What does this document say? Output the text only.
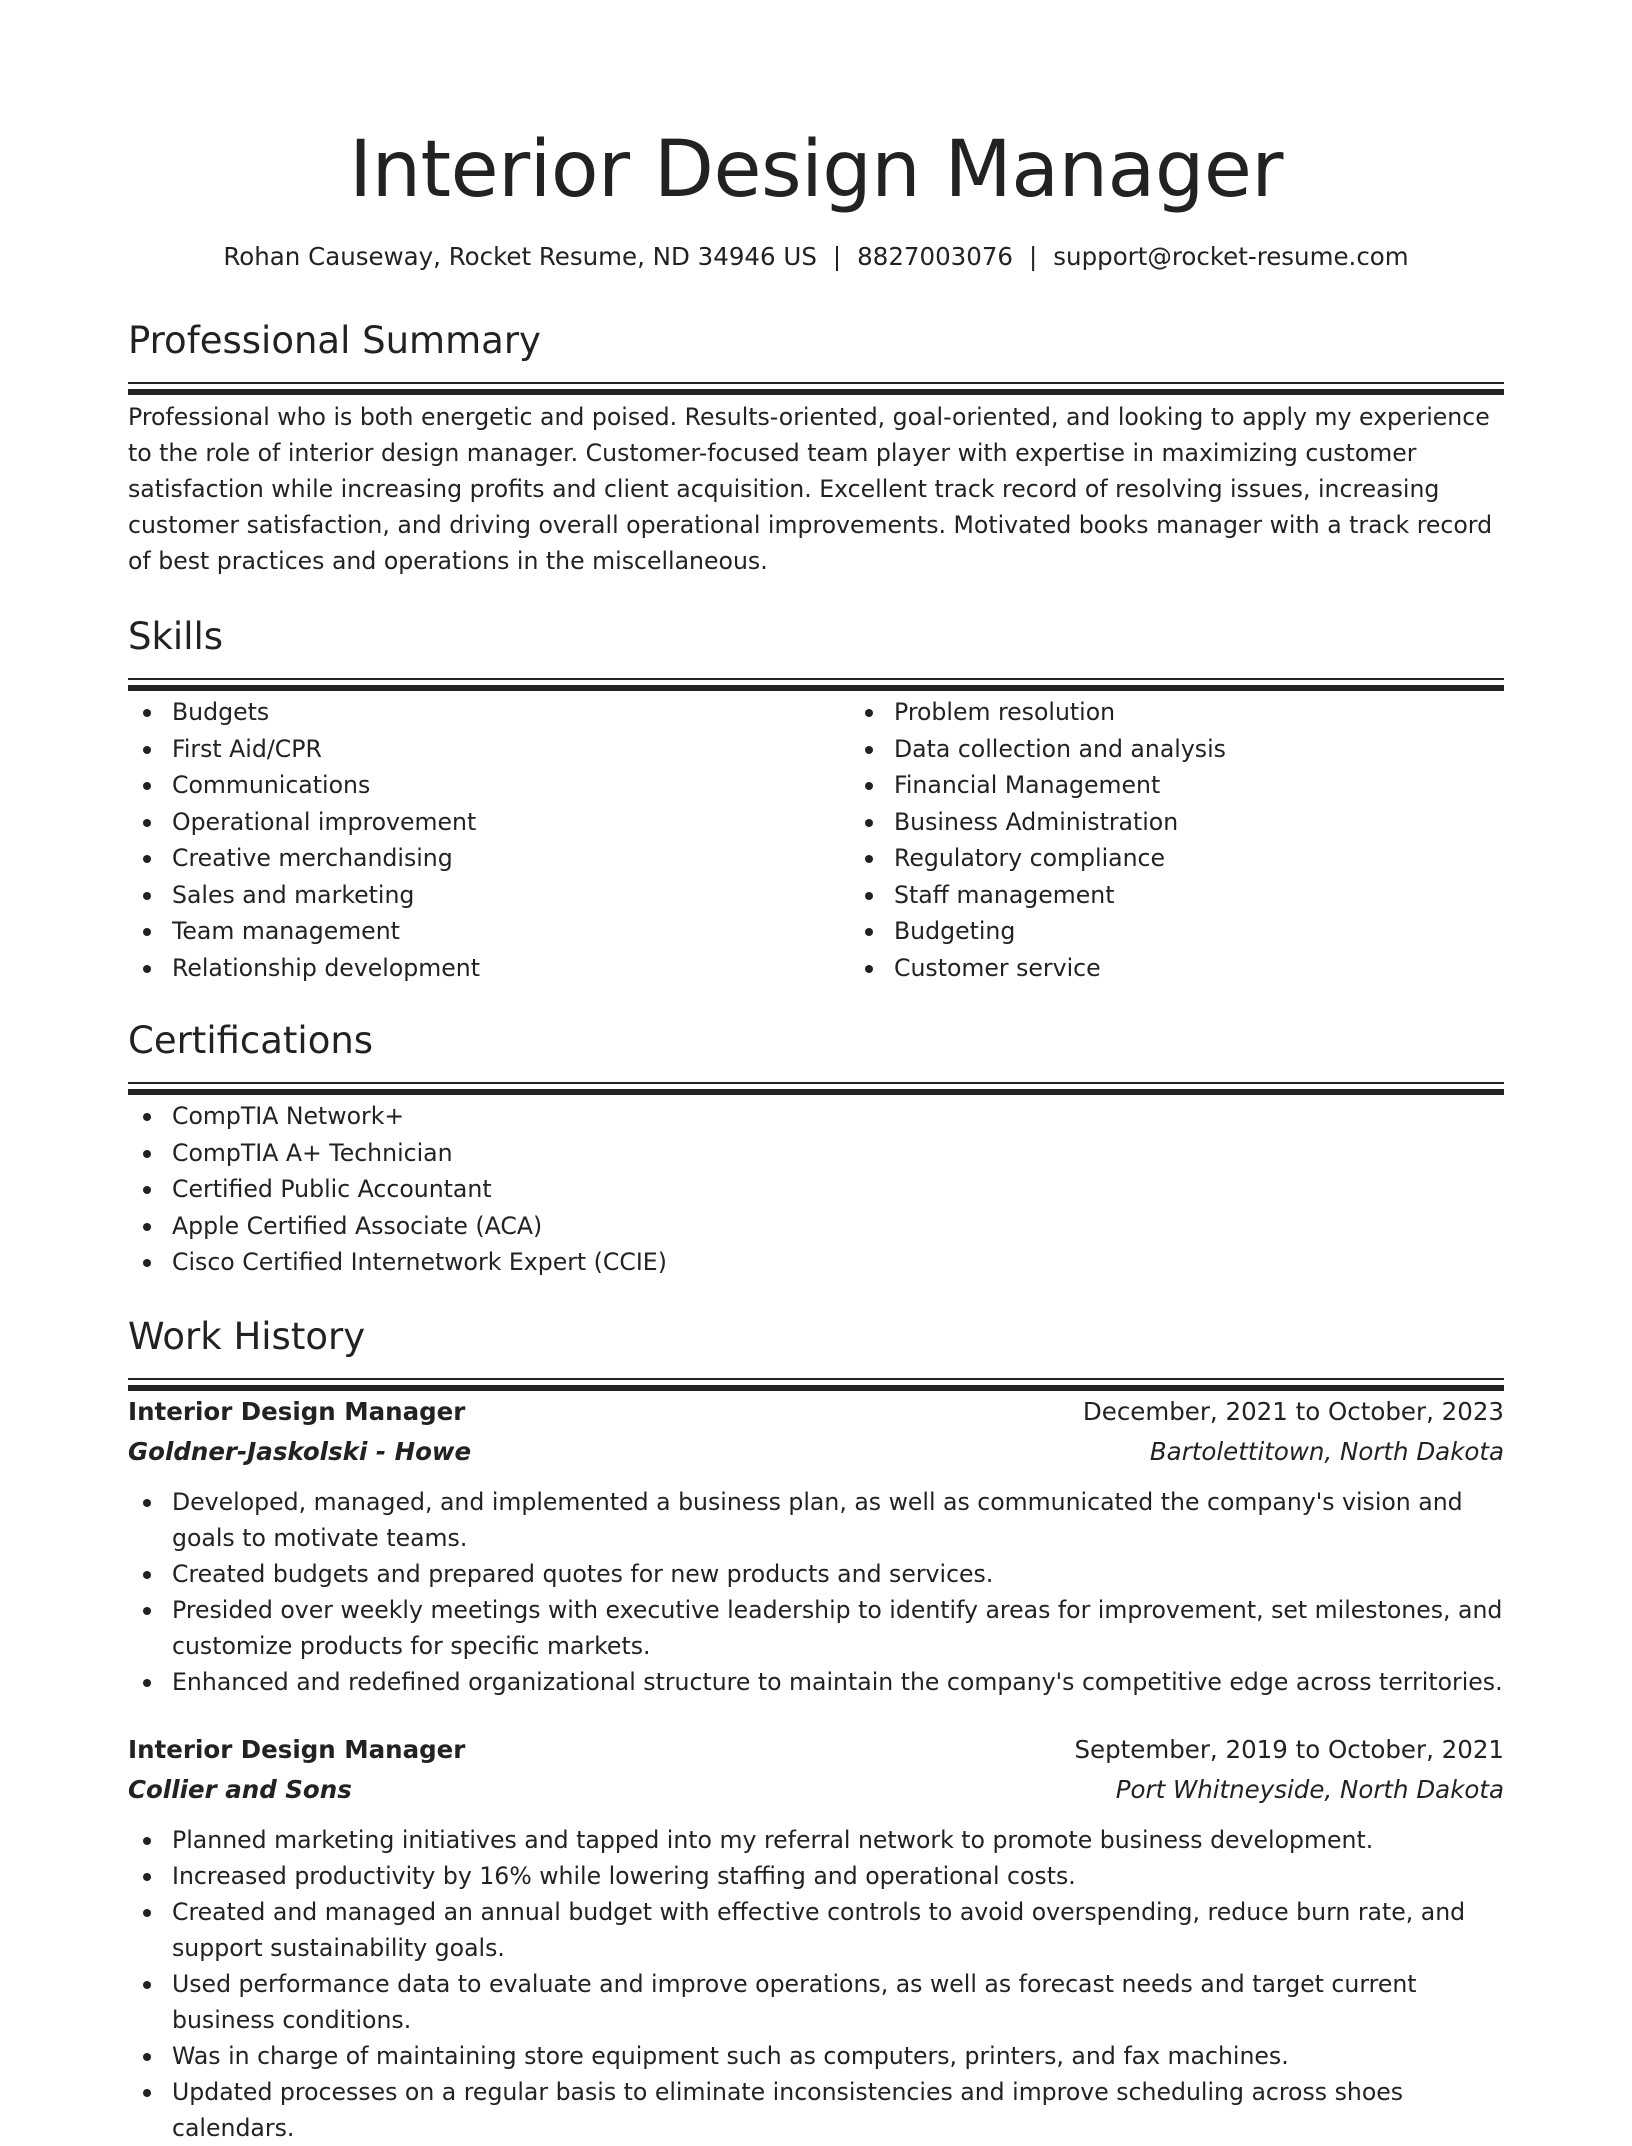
Interior Design Manager
Rohan Causeway, Rocket Resume, ND 34946 US | 8827003076 | support@rocket-resume.com
Professional Summary

Professional who is both energetic and poised. Results-oriented, goal-oriented, and looking to apply my experience to the role of interior design manager. Customer-focused team player with expertise in maximizing customer satisfaction while increasing profits and client acquisition. Excellent track record of resolving issues, increasing customer satisfaction, and driving overall operational improvements. Motivated books manager with a track record of best practices and operations in the miscellaneous.

Skills
Budgets
First Aid/CPR
Communications
Operational improvement
Creative merchandising
Sales and marketing
Team management
Relationship development
Problem resolution
Data collection and analysis
Financial Management
Business Administration
Regulatory compliance
Staff management
Budgeting
Customer service
Certifications
CompTIA Network+
CompTIA A+ Technician
Certified Public Accountant
Apple Certified Associate (ACA)
Cisco Certified Internetwork Expert (CCIE)
Work History
Interior Design Manager	December, 2021 to October, 2023
Goldner-Jaskolski - Howe	Bartolettitown, North Dakota
Developed, managed, and implemented a business plan, as well as communicated the company's vision and goals to motivate teams.
Created budgets and prepared quotes for new products and services.
Presided over weekly meetings with executive leadership to identify areas for improvement, set milestones, and customize products for specific markets.
Enhanced and redefined organizational structure to maintain the company's competitive edge across territories.
Interior Design Manager	September, 2019 to October, 2021
Collier and Sons	Port Whitneyside, North Dakota
Planned marketing initiatives and tapped into my referral network to promote business development.
Increased productivity by 16% while lowering staffing and operational costs.
Created and managed an annual budget with effective controls to avoid overspending, reduce burn rate, and support sustainability goals.
Used performance data to evaluate and improve operations, as well as forecast needs and target current business conditions.
Was in charge of maintaining store equipment such as computers, printers, and fax machines.
Updated processes on a regular basis to eliminate inconsistencies and improve scheduling across shoes calendars.
